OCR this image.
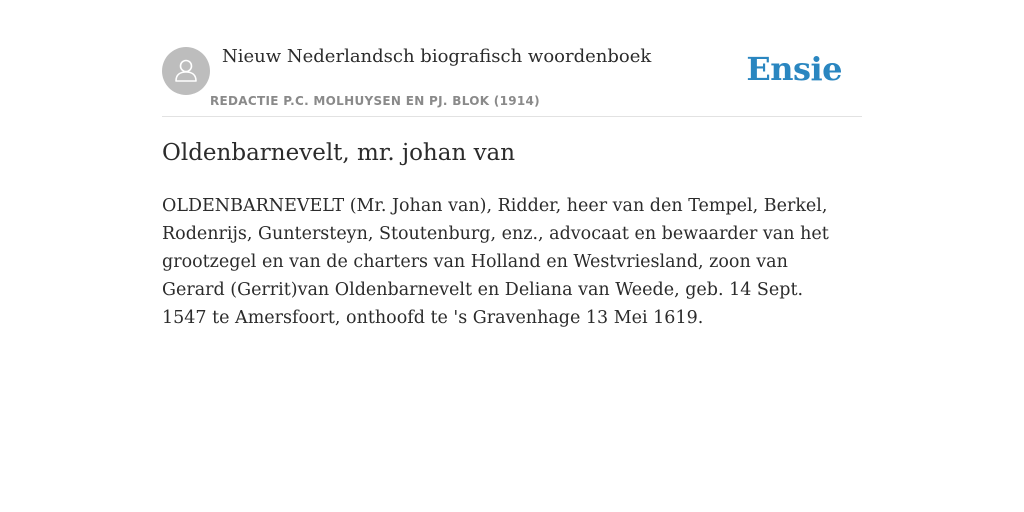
Nieuw Nederlandsch biografisch woordenboek
REDACTIE P.C. MOLHUYSEN EN PJ. BLOK (1914)
Ensie
Oldenbarnevelt, mr. johan van

OLDENBARNEVELT (Mr. Johan van), Ridder, heer van den Tempel, Berkel, Rodenrijs, Guntersteyn, Stoutenburg, enz., advocaat en bewaarder van het grootzegel en van de charters van Holland en Westvriesland, zoon van Gerard (Gerrit)van Oldenbarnevelt en Deliana van Weede, geb. 14 Sept. 1547 te Amersfoort, onthoofd te 's Gravenhage 13 Mei 1619.
